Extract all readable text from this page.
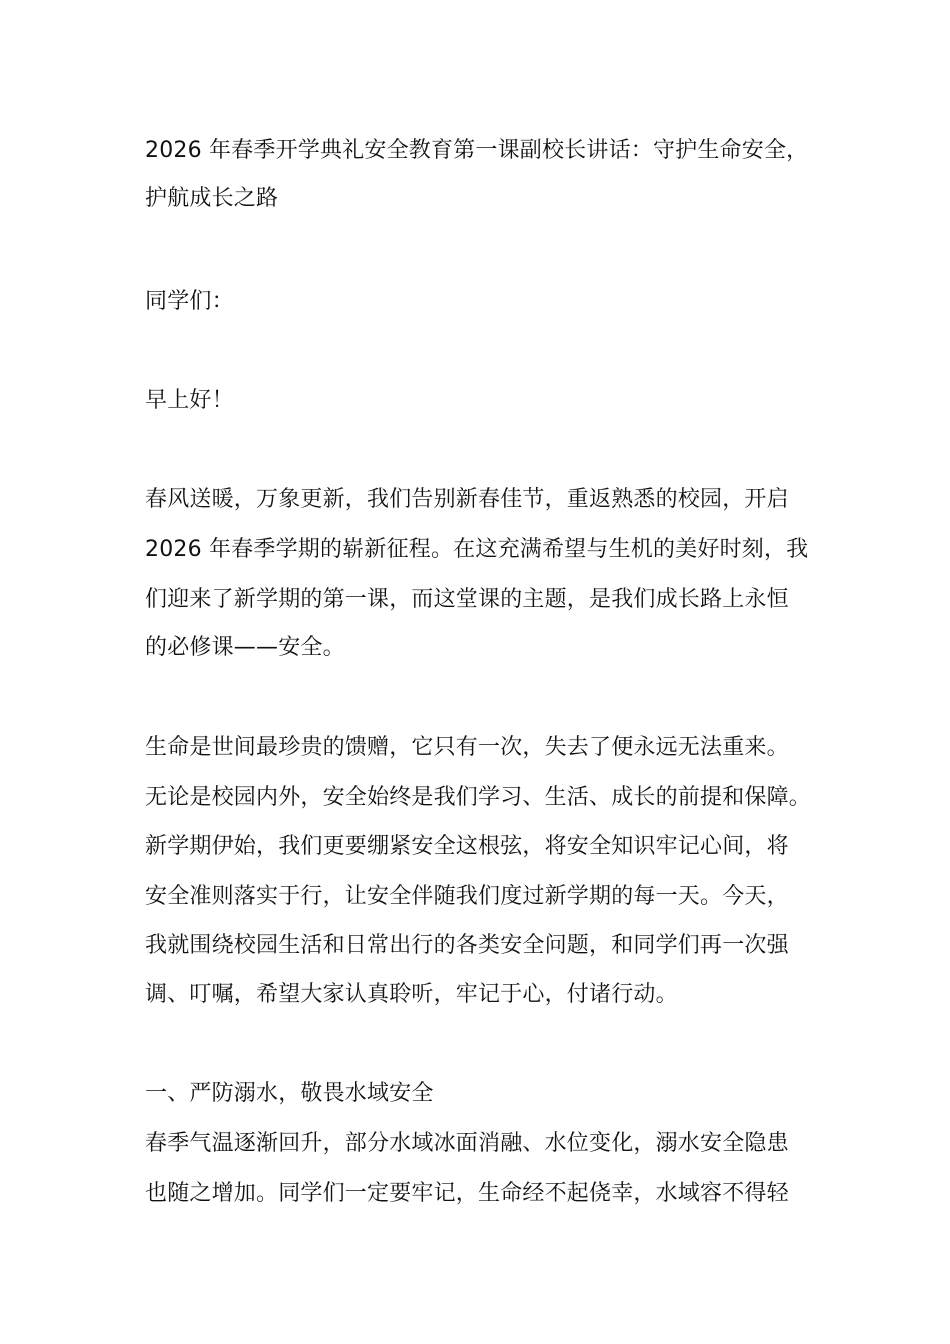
2026 年春季开学典礼安全教育第一课副校长讲话：守护生命安全，
护航成长之路
同学们：
早上好！
春风送暖，万象更新，我们告别新春佳节，重返熟悉的校园，开启
2026 年春季学期的崭新征程。在这充满希望与生机的美好时刻，我
们迎来了新学期的第一课，而这堂课的主题，是我们成长路上永恒
的必修课——安全。
生命是世间最珍贵的馈赠，它只有一次，失去了便永远无法重来。
无论是校园内外，安全始终是我们学习、生活、成长的前提和保障。
新学期伊始，我们更要绷紧安全这根弦，将安全知识牢记心间，将
安全准则落实于行，让安全伴随我们度过新学期的每一天。今天，
我就围绕校园生活和日常出行的各类安全问题，和同学们再一次强
调、叮嘱，希望大家认真聆听，牢记于心，付诸行动。
一、严防溺水，敬畏水域安全
春季气温逐渐回升，部分水域冰面消融、水位变化，溺水安全隐患
也随之增加。同学们一定要牢记，生命经不起侥幸，水域容不得轻
